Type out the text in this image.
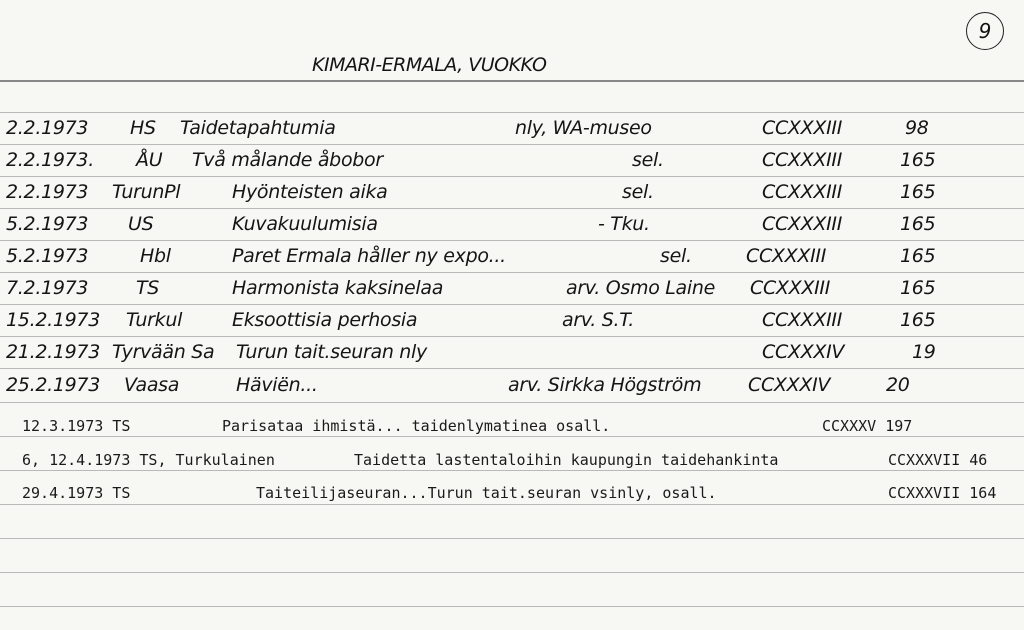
9
KIMARI-ERMALA, VUOKKO
2.2.1973 HS Taidetapahtumia	nly, WA-museo	CCXXXIII	98
2.2.1973. ÅU Två målande åbobor	sel.	CCXXXIII	165
2.2.1973 TurunPl	Hyönteisten aika	sel.	CCXXXIII	165
5.2.1973 US	Kuvakuulumisia	- Tku.	CCXXXIII	165
5.2.1973	Hbl	Paret Ermala håller ny expo...	sel.	CCXXXIII	165
7.2.1973	TS	Harmonista kaksinelaa	arv. Osmo Laine CCXXXIII	165
15.2.1973 Turkul	Eksoottisia perhosia	arv. S.T.	CCXXXIII	165
21.2.1973 Tyrvään Sa Turun tait.seuran nly	CCXXXIV	19
25.2.1973 Vaasa	Häviën...	arv. Sirkka Högström CCXXXIV	20
12.3.1973 TS	Parisataa ihmistä... taidenlymatinea osall.	CCXXXV 197
6, 12.4.1973 TS, Turkulainen	Taidetta lastentaloihin kaupungin taidehankinta	CCXXXVII 46
29.4.1973 TS	Taiteilijaseuran...Turun tait.seuran vsinly, osall.	CCXXXVII 164
